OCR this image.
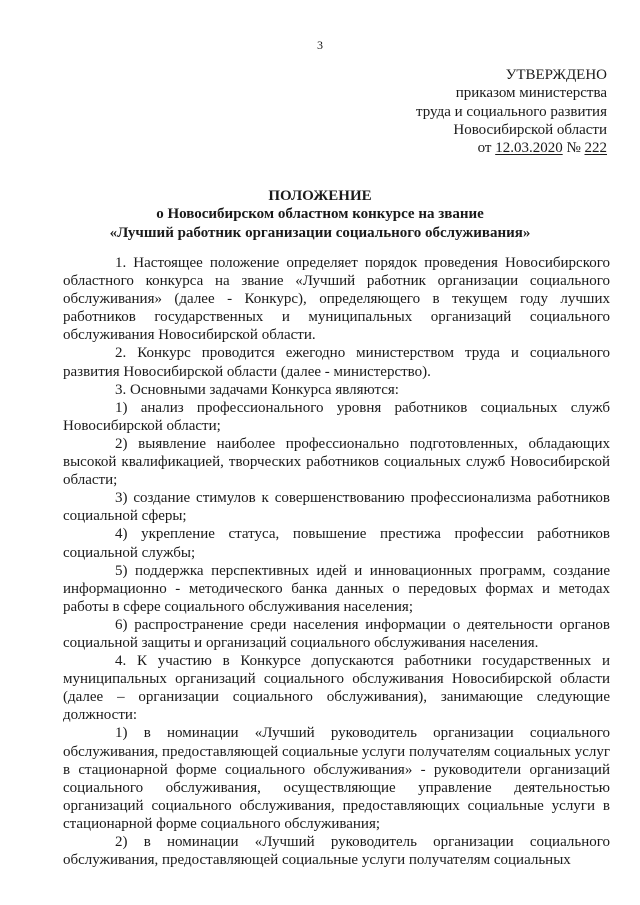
3
УТВЕРЖДЕНО
приказом министерства
труда и социального развития
Новосибирской области
от 12.03.2020 № 222
ПОЛОЖЕНИЕ
о Новосибирском областном конкурсе на звание
«Лучший работник организации социального обслуживания»

1. Настоящее положение определяет порядок проведения Новосибирского областного конкурса на звание «Лучший работник организации социального обслуживания» (далее - Конкурс), определяющего в текущем году лучших работников государственных и муниципальных организаций социального обслуживания Новосибирской области.

2. Конкурс проводится ежегодно министерством труда и социального развития Новосибирской области (далее - министерство).

3. Основными задачами Конкурса являются:

1) анализ профессионального уровня работников социальных служб Новосибирской области;

2) выявление наиболее профессионально подготовленных, обладающих высокой квалификацией, творческих работников социальных служб Новосибирской области;

3) создание стимулов к совершенствованию профессионализма работников социальной сферы;

4) укрепление статуса, повышение престижа профессии работников социальной службы;

5) поддержка перспективных идей и инновационных программ, создание информационно - методического банка данных о передовых формах и методах работы в сфере социального обслуживания населения;

6) распространение среди населения информации о деятельности органов социальной защиты и организаций социального обслуживания населения.

4. К участию в Конкурсе допускаются работники государственных и муниципальных организаций социального обслуживания Новосибирской области (далее – организации социального обслуживания), занимающие следующие должности:

1) в номинации «Лучший руководитель организации социального обслуживания, предоставляющей социальные услуги получателям социальных услуг в стационарной форме социального обслуживания» - руководители организаций социального обслуживания, осуществляющие управление деятельностью организаций социального обслуживания, предоставляющих социальные услуги в стационарной форме социального обслуживания;

2) в номинации «Лучший руководитель организации социального обслуживания, предоставляющей социальные услуги получателям социальных
